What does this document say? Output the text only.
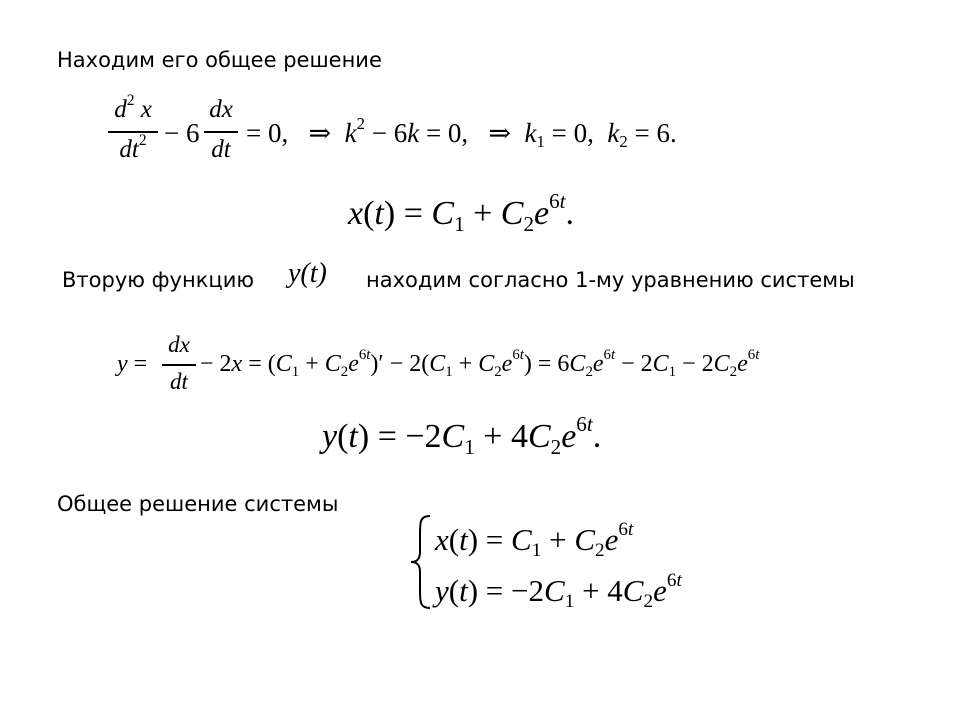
Находим его общее решение
$d^2$ x
$dt^2 - 6$
dx
dt
= 0,   ⇒  $k^2 - 6k = 0$,   ⇒  $k_1 = 0$,  $k_2 = 6$.
$x(t) = C_1 + C_2e^{6t}$.
Вторую функцию y(t) находим согласно 1-му уравнению системы
y =
dx
dt
− $2x = (C_1 + C_2e^{6t})' - 2(C_1 + C_2e^{6t}) = 6C_2e^{6t} - 2C_1 - 2C_2e^{6t}$
$y(t) = -2C_1 + 4C_2e^{6t}$.
Общее решение системы
$x(t) = C_1 + C_2e^{6t}$
$y(t) = -2C_1 + 4C_2e^{6t}$
